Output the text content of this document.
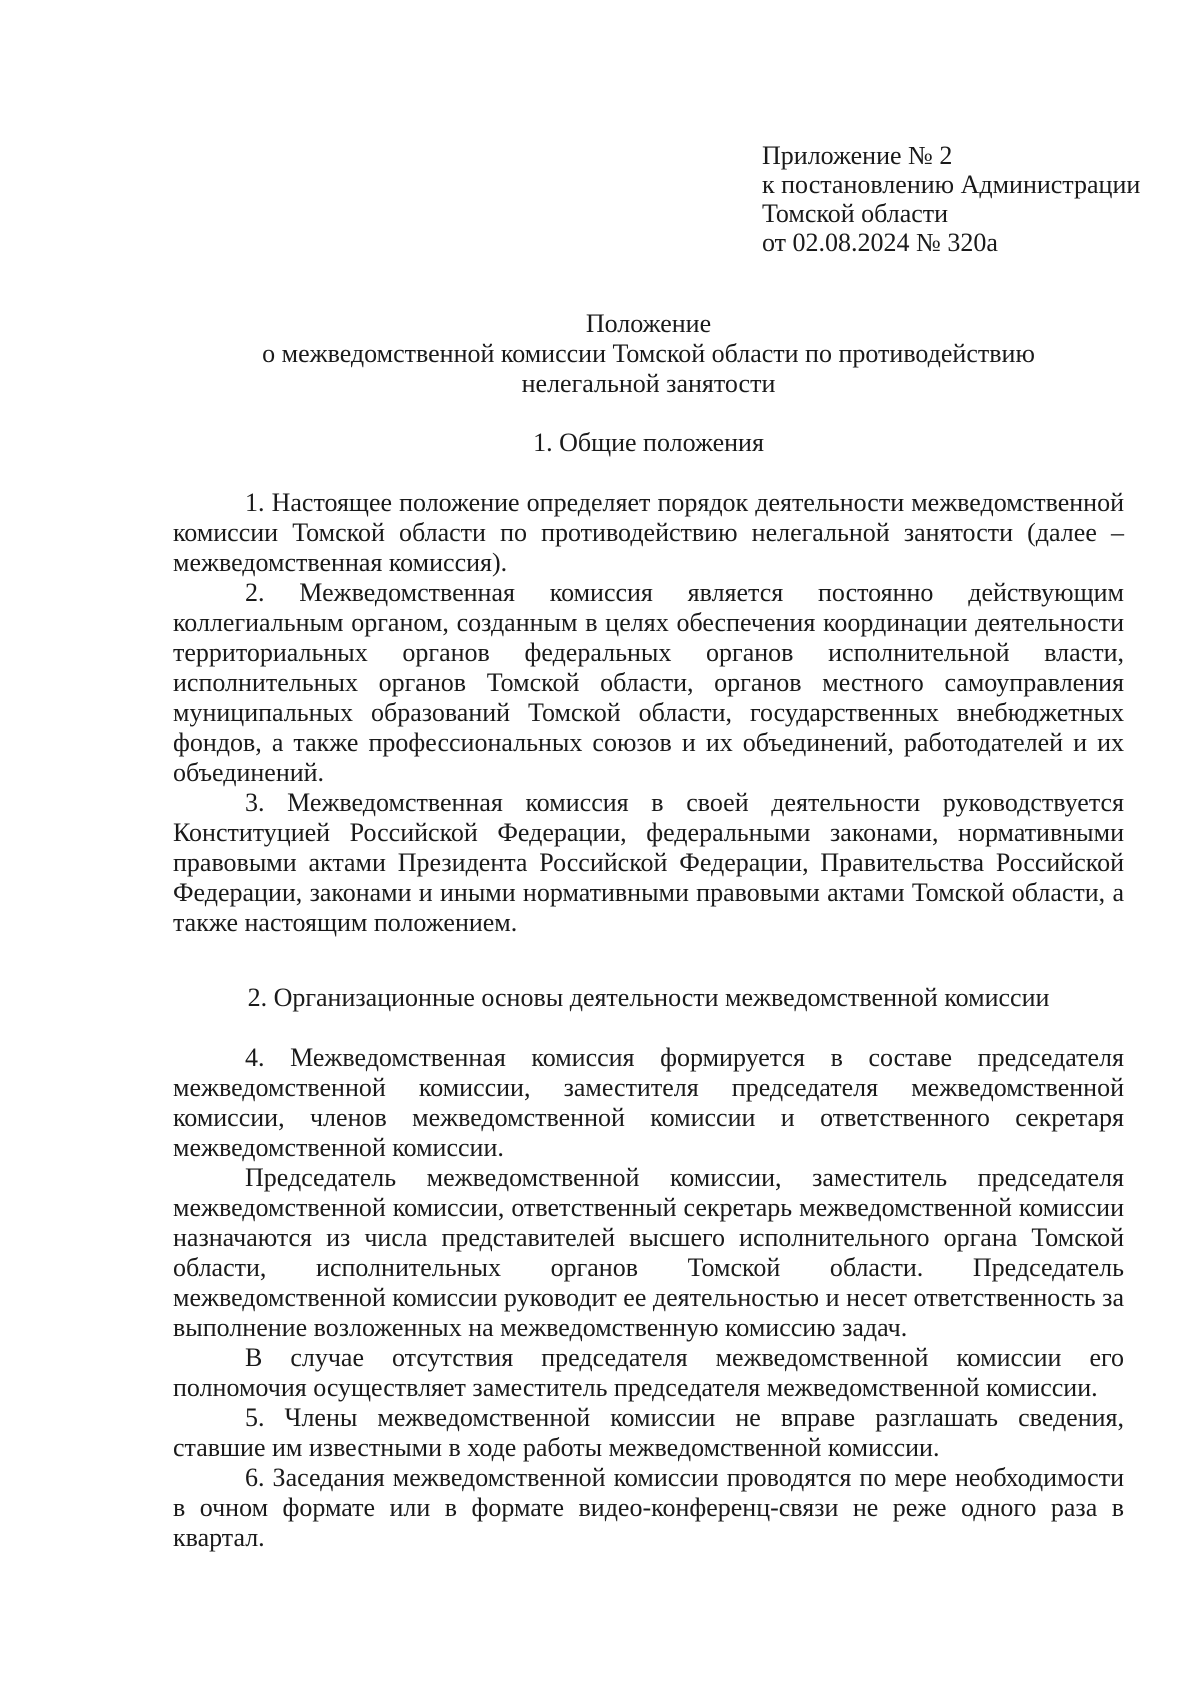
Приложение № 2
к постановлению Администрации
Томской области
от 02.08.2024 № 320а
Положение
о межведомственной комиссии Томской области по противодействию
нелегальной занятости
1. Общие положения

1. Настоящее положение определяет порядок деятельности межведомственной комиссии Томской области по противодействию нелегальной занятости (далее – межведомственная комиссия).

2. Межведомственная комиссия является постоянно действующим коллегиальным органом, созданным в целях обеспечения координации деятельности территориальных органов федеральных органов исполнительной власти, исполнительных органов Томской области, органов местного самоуправления муниципальных образований Томской области, государственных внебюджетных фондов, а также профессиональных союзов и их объединений, работодателей и их объединений.

3. Межведомственная комиссия в своей деятельности руководствуется Конституцией Российской Федерации, федеральными законами, нормативными правовыми актами Президента Российской Федерации, Правительства Российской Федерации, законами и иными нормативными правовыми актами Томской области, а также настоящим положением.

2. Организационные основы деятельности межведомственной комиссии

4. Межведомственная комиссия формируется в составе председателя межведомственной комиссии, заместителя председателя межведомственной комиссии, членов межведомственной комиссии и ответственного секретаря межведомственной комиссии.

Председатель межведомственной комиссии, заместитель председателя межведомственной комиссии, ответственный секретарь межведомственной комиссии назначаются из числа представителей высшего исполнительного органа Томской области, исполнительных органов Томской области. Председатель межведомственной комиссии руководит ее деятельностью и несет ответственность за выполнение возложенных на межведомственную комиссию задач.

В случае отсутствия председателя межведомственной комиссии его полномочия осуществляет заместитель председателя межведомственной комиссии.

5. Члены межведомственной комиссии не вправе разглашать сведения, ставшие им известными в ходе работы межведомственной комиссии.

6. Заседания межведомственной комиссии проводятся по мере необходимости в очном формате или в формате видео-конференц-связи не реже одного раза в квартал.
